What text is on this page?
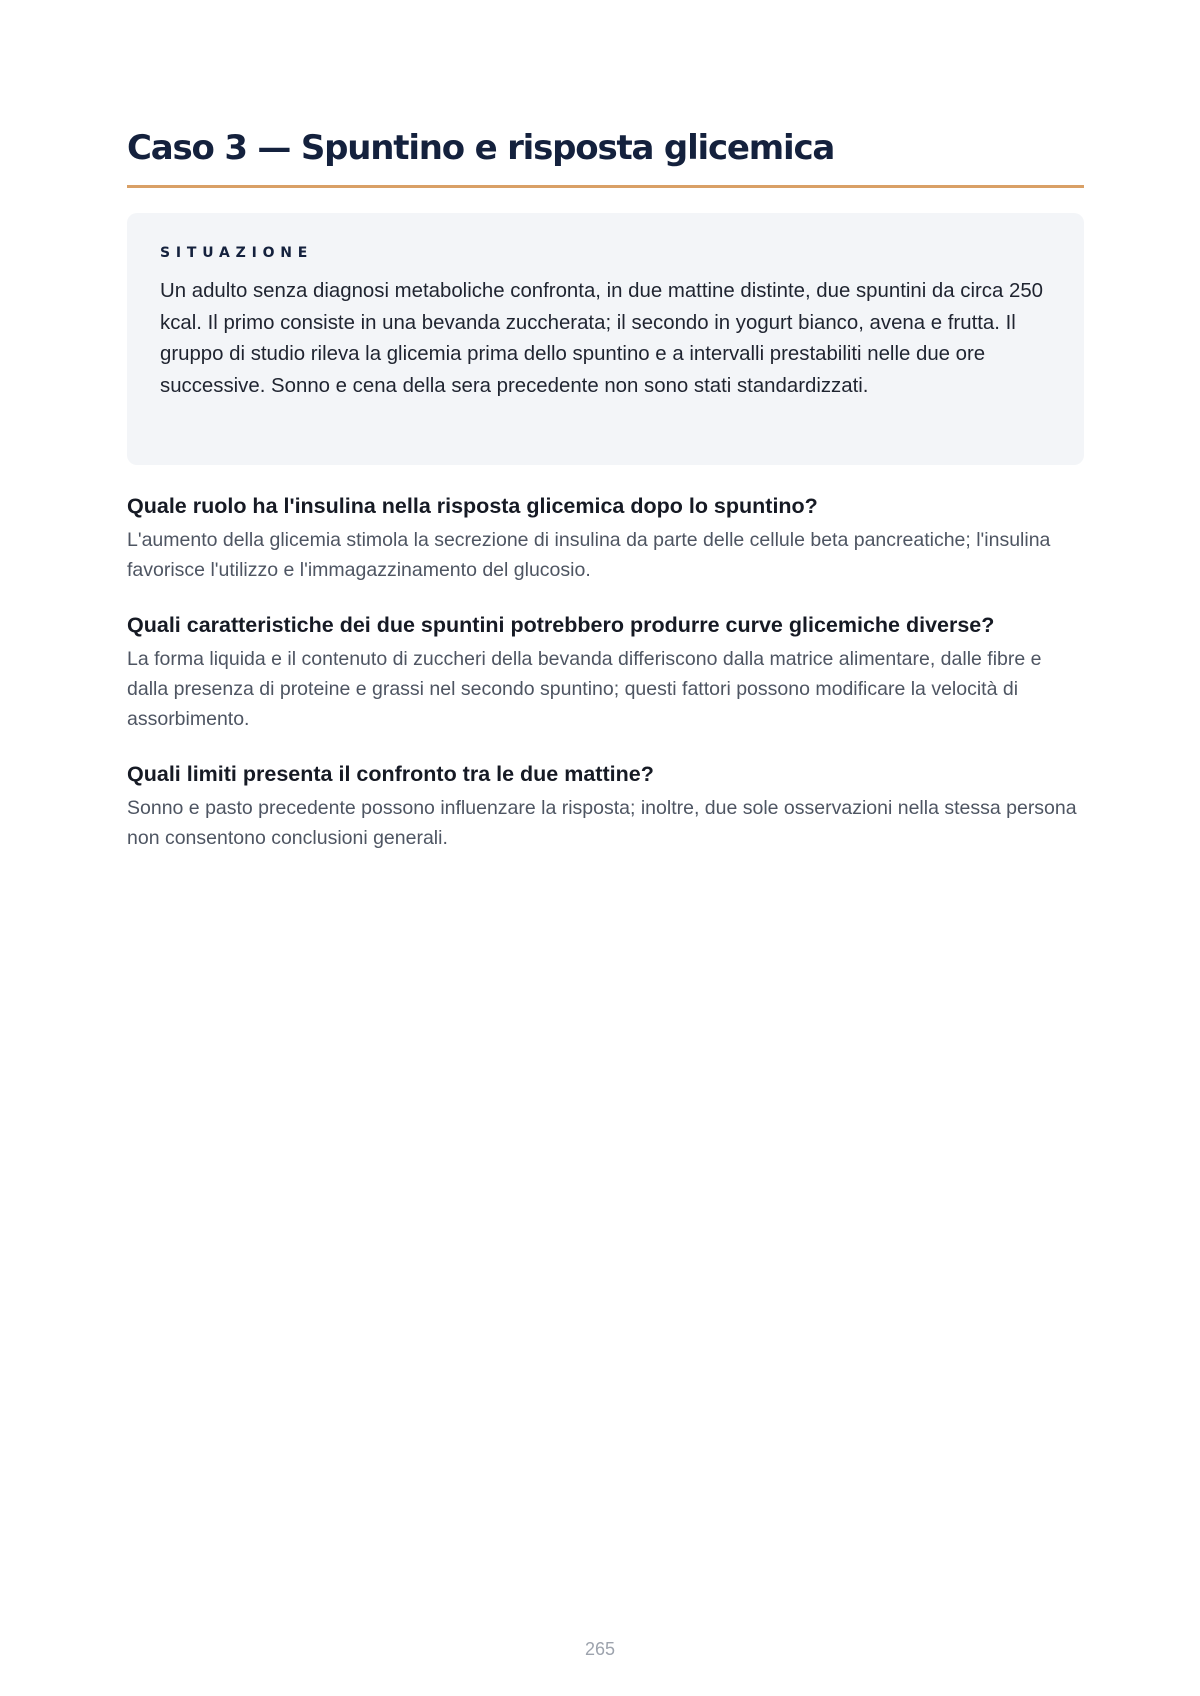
Caso 3 — Spuntino e risposta glicemica

SITUAZIONE

Un adulto senza diagnosi metaboliche confronta, in due mattine distinte, due spuntini da circa 250 kcal. Il primo consiste in una bevanda zuccherata; il secondo in yogurt bianco, avena e frutta. Il gruppo di studio rileva la glicemia prima dello spuntino e a intervalli prestabiliti nelle due ore successive. Sonno e cena della sera precedente non sono stati standardizzati.

Quale ruolo ha l'insulina nella risposta glicemica dopo lo spuntino?

L'aumento della glicemia stimola la secrezione di insulina da parte delle cellule beta pancreatiche; l'insulina favorisce l'utilizzo e l'immagazzinamento del glucosio.

Quali caratteristiche dei due spuntini potrebbero produrre curve glicemiche diverse?

La forma liquida e il contenuto di zuccheri della bevanda differiscono dalla matrice alimentare, dalle fibre e dalla presenza di proteine e grassi nel secondo spuntino; questi fattori possono modificare la velocità di assorbimento.

Quali limiti presenta il confronto tra le due mattine?

Sonno e pasto precedente possono influenzare la risposta; inoltre, due sole osservazioni nella stessa persona non consentono conclusioni generali.

265
